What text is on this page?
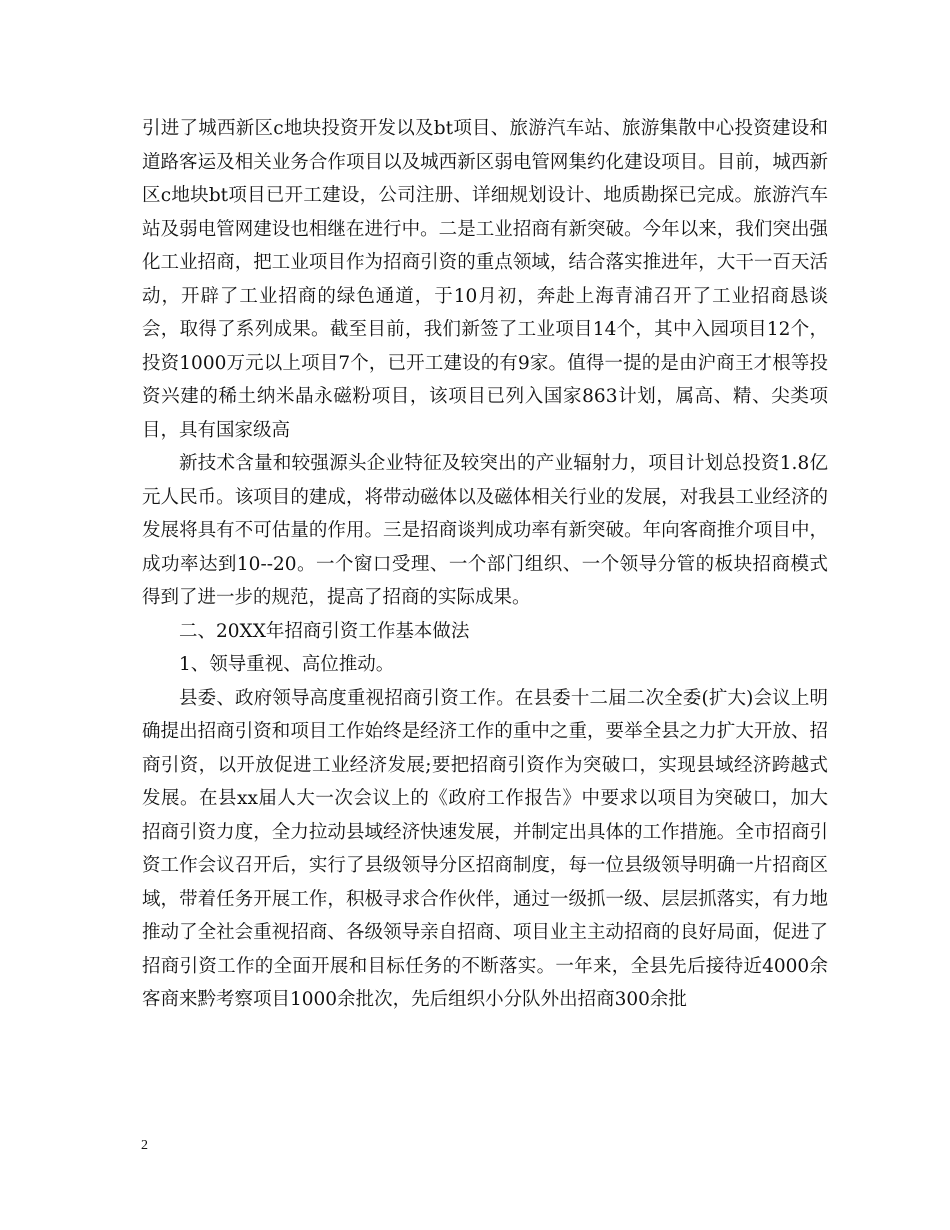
引进了城西新区c地块投资开发以及bt项目、旅游汽车站、旅游集散中心投资建设和道路客运及相关业务合作项目以及城西新区弱电管网集约化建设项目。目前，城西新区c地块bt项目已开工建设，公司注册、详细规划设计、地质勘探已完成。旅游汽车站及弱电管网建设也相继在进行中。二是工业招商有新突破。今年以来，我们突出强化工业招商，把工业项目作为招商引资的重点领域，结合落实推进年，大干一百天活动，开辟了工业招商的绿色通道，于10月初，奔赴上海青浦召开了工业招商恳谈会，取得了系列成果。截至目前，我们新签了工业项目14个，其中入园项目12个，投资1000万元以上项目7个，已开工建设的有9家。值得一提的是由沪商王才根等投资兴建的稀土纳米晶永磁粉项目，该项目已列入国家863计划，属高、精、尖类项目，具有国家级高

新技术含量和较强源头企业特征及较突出的产业辐射力，项目计划总投资1.8亿元人民币。该项目的建成，将带动磁体以及磁体相关行业的发展，对我县工业经济的发展将具有不可估量的作用。三是招商谈判成功率有新突破。年向客商推介项目中，成功率达到10--20。一个窗口受理、一个部门组织、一个领导分管的板块招商模式得到了进一步的规范，提高了招商的实际成果。

二、20XX年招商引资工作基本做法

1、领导重视、高位推动。

县委、政府领导高度重视招商引资工作。在县委十二届二次全委(扩大)会议上明确提出招商引资和项目工作始终是经济工作的重中之重，要举全县之力扩大开放、招商引资，以开放促进工业经济发展;要把招商引资作为突破口，实现县域经济跨越式发展。在县xx届人大一次会议上的《政府工作报告》中要求以项目为突破口，加大招商引资力度，全力拉动县域经济快速发展，并制定出具体的工作措施。全市招商引资工作会议召开后，实行了县级领导分区招商制度，每一位县级领导明确一片招商区域，带着任务开展工作，积极寻求合作伙伴，通过一级抓一级、层层抓落实，有力地推动了全社会重视招商、各级领导亲自招商、项目业主主动招商的良好局面，促进了招商引资工作的全面开展和目标任务的不断落实。一年来，全县先后接待近4000余客商来黔考察项目1000余批次，先后组织小分队外出招商300余批

2
